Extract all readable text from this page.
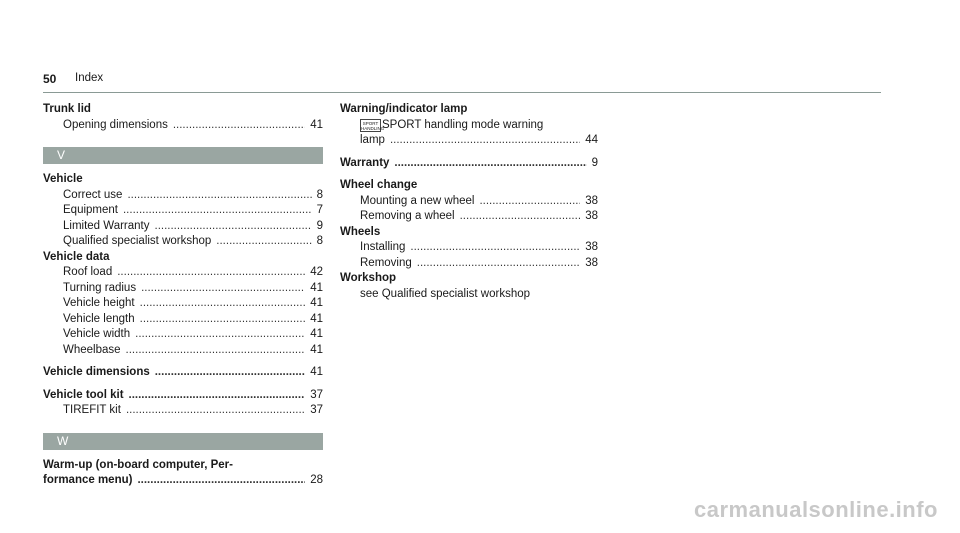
50 Index
Trunk lid
Opening dimensions .....	41
V
Vehicle
Correct use .....	8
Equipment .....	7
Limited Warranty .....	9
Qualified specialist workshop .....	8
Vehicle data
Roof load .....	42
Turning radius .....	41
Vehicle height .....	41
Vehicle length .....	41
Vehicle width .....	41
Wheelbase .....	41
Vehicle dimensions .....	41
Vehicle tool kit .....	37
TIREFIT kit .....	37
W
Warm-up (on-board computer, Per-
formance menu) .....	28
Warning/indicator lamp
SPORT
HANDLINGSPORT handling mode warning
lamp .....	44
Warranty .....	9
Wheel change
Mounting a new wheel .....	38
Removing a wheel .....	38
Wheels
Installing .....	38
Removing .....	38
Workshop
see Qualified specialist workshop
carmanualsonline.info
